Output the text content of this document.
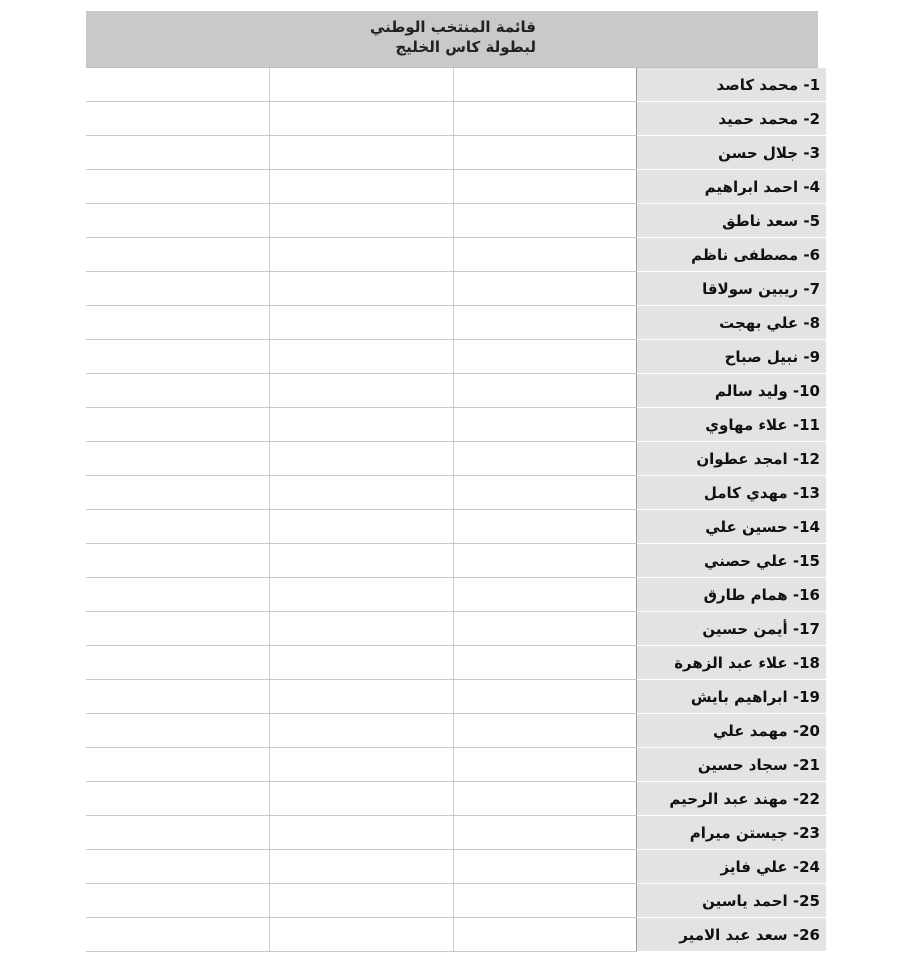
قائمة المنتخب الوطني
لبطولة كاس الخليج
			1- محمد كاصد
			2- محمد حميد
			3- جلال حسن
			4- احمد ابراهيم
			5- سعد ناطق
			6- مصطفى ناظم
			7- ريبين سولاقا
			8- علي بهجت
			9- نبيل صباح
			10- وليد سالم
			11- علاء مهاوي
			12- امجد عطوان
			13- مهدي كامل
			14- حسين علي
			15- علي حصني
			16- همام طارق
			17- أيمن حسين
			18- علاء عبد الزهرة
			19- ابراهيم بايش
			20- مهمد علي
			21- سجاد حسين
			22- مهند عبد الرحيم
			23- جيستن ميرام
			24- علي فايز
			25- احمد ياسين
			26- سعد عبد الامير
